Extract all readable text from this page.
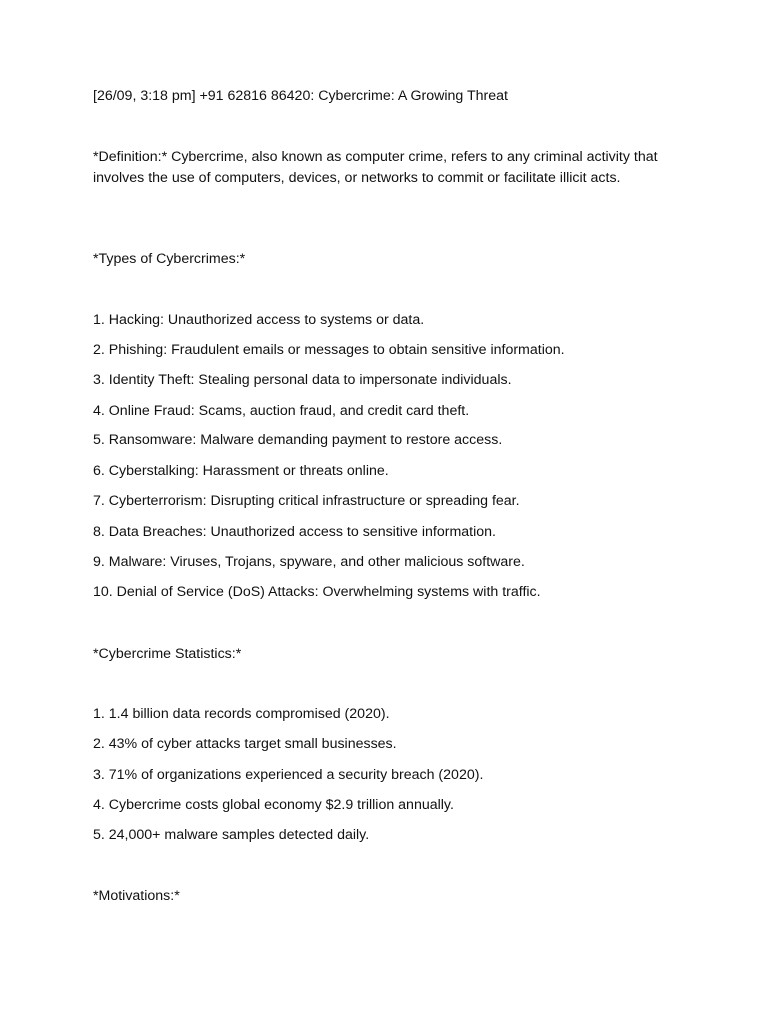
[26/09, 3:18 pm] +91 62816 86420: Cybercrime: A Growing Threat

*Definition:* Cybercrime, also known as computer crime, refers to any criminal activity that involves the use of computers, devices, or networks to commit or facilitate illicit acts.

*Types of Cybercrimes:*

1. Hacking: Unauthorized access to systems or data.

2. Phishing: Fraudulent emails or messages to obtain sensitive information.

3. Identity Theft: Stealing personal data to impersonate individuals.

4. Online Fraud: Scams, auction fraud, and credit card theft.

5. Ransomware: Malware demanding payment to restore access.

6. Cyberstalking: Harassment or threats online.

7. Cyberterrorism: Disrupting critical infrastructure or spreading fear.

8. Data Breaches: Unauthorized access to sensitive information.

9. Malware: Viruses, Trojans, spyware, and other malicious software.

10. Denial of Service (DoS) Attacks: Overwhelming systems with traffic.

*Cybercrime Statistics:*

1. 1.4 billion data records compromised (2020).

2. 43% of cyber attacks target small businesses.

3. 71% of organizations experienced a security breach (2020).

4. Cybercrime costs global economy $2.9 trillion annually.

5. 24,000+ malware samples detected daily.

*Motivations:*
